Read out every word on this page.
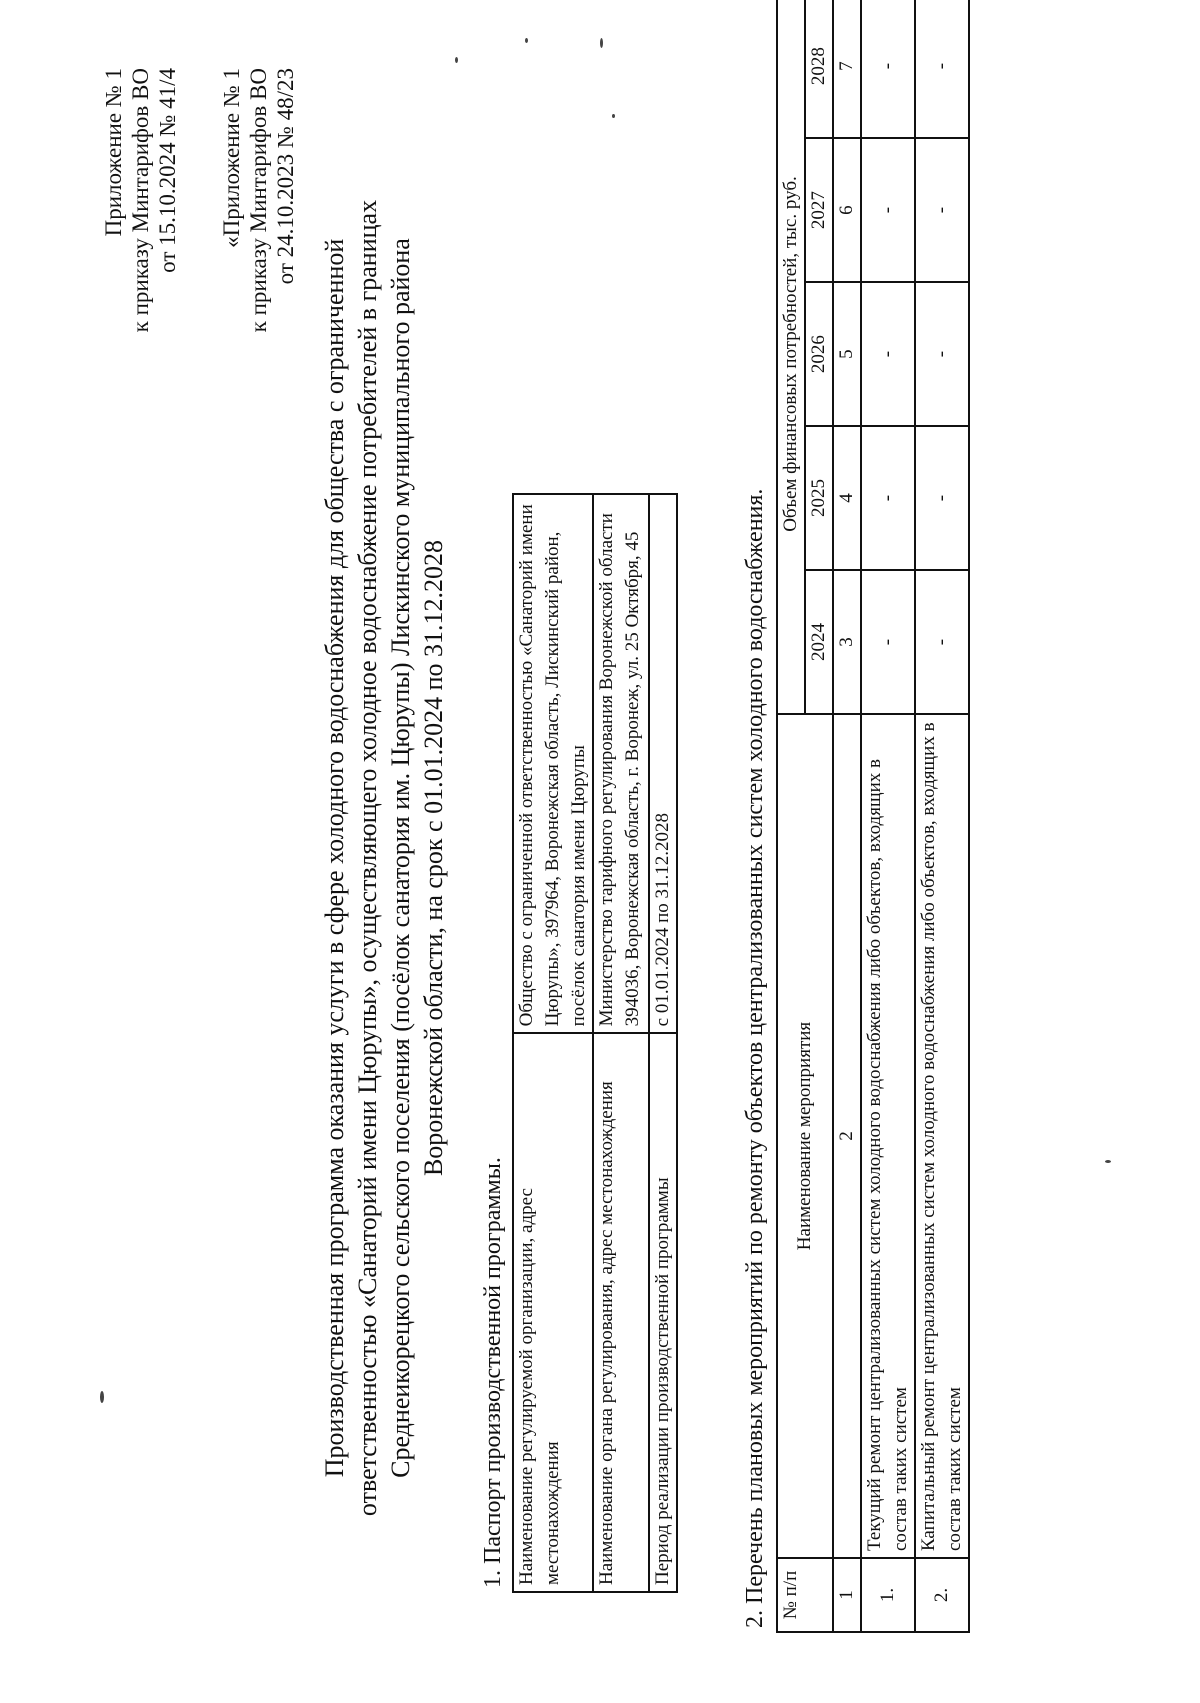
Приложение № 1 к приказу Минтарифов ВО от 15.10.2024 № 41/4 «Приложение № 1 к приказу Минтарифов ВО от 24.10.2023 № 48/23
Производственная программа оказания услуги в сфере холодного водоснабжения для общества с ограниченной ответственностью «Санаторий имени Цюрупы», осуществляющего холодное водоснабжение потребителей в границах Среднеикорецкого сельского поселения (посёлок санатория им. Цюрупы) Лискинского муниципального района Воронежской области, на срок с 01.01.2024 по 31.12.2028
1. Паспорт производственной программы. Наименование регулируемой организации, адрес местонахождения	Общество с ограниченной ответственностью «Санаторий имени Цюрупы», 397964, Воронежская область, Лискинский район, посёлок санатория имени Цюрупы
Наименование органа регулирования, адрес местонахождения	Министерство тарифного регулирования Воронежской области 394036, Воронежская область, г. Воронеж, ул. 25 Октября, 45
Период реализации производственной программы	с 01.01.2024 по 31.12.2028	2. Перечень плановых мероприятий по ремонту объектов централизованных систем холодного водоснабжения. № п/п	Наименование мероприятия	Объем финансовых потребностей, тыс. руб.				
		2024	2025	2026	2027	2028
1	2	3	4	5	6	7
1.	Текущий ремонт централизованных систем холодного водоснабжения либо объектов, входящих в состав таких систем	-	-	-	-	-
2.	Капитальный ремонт централизованных систем холодного водоснабжения либо объектов, входящих в состав таких систем	-	-	-	-	-
